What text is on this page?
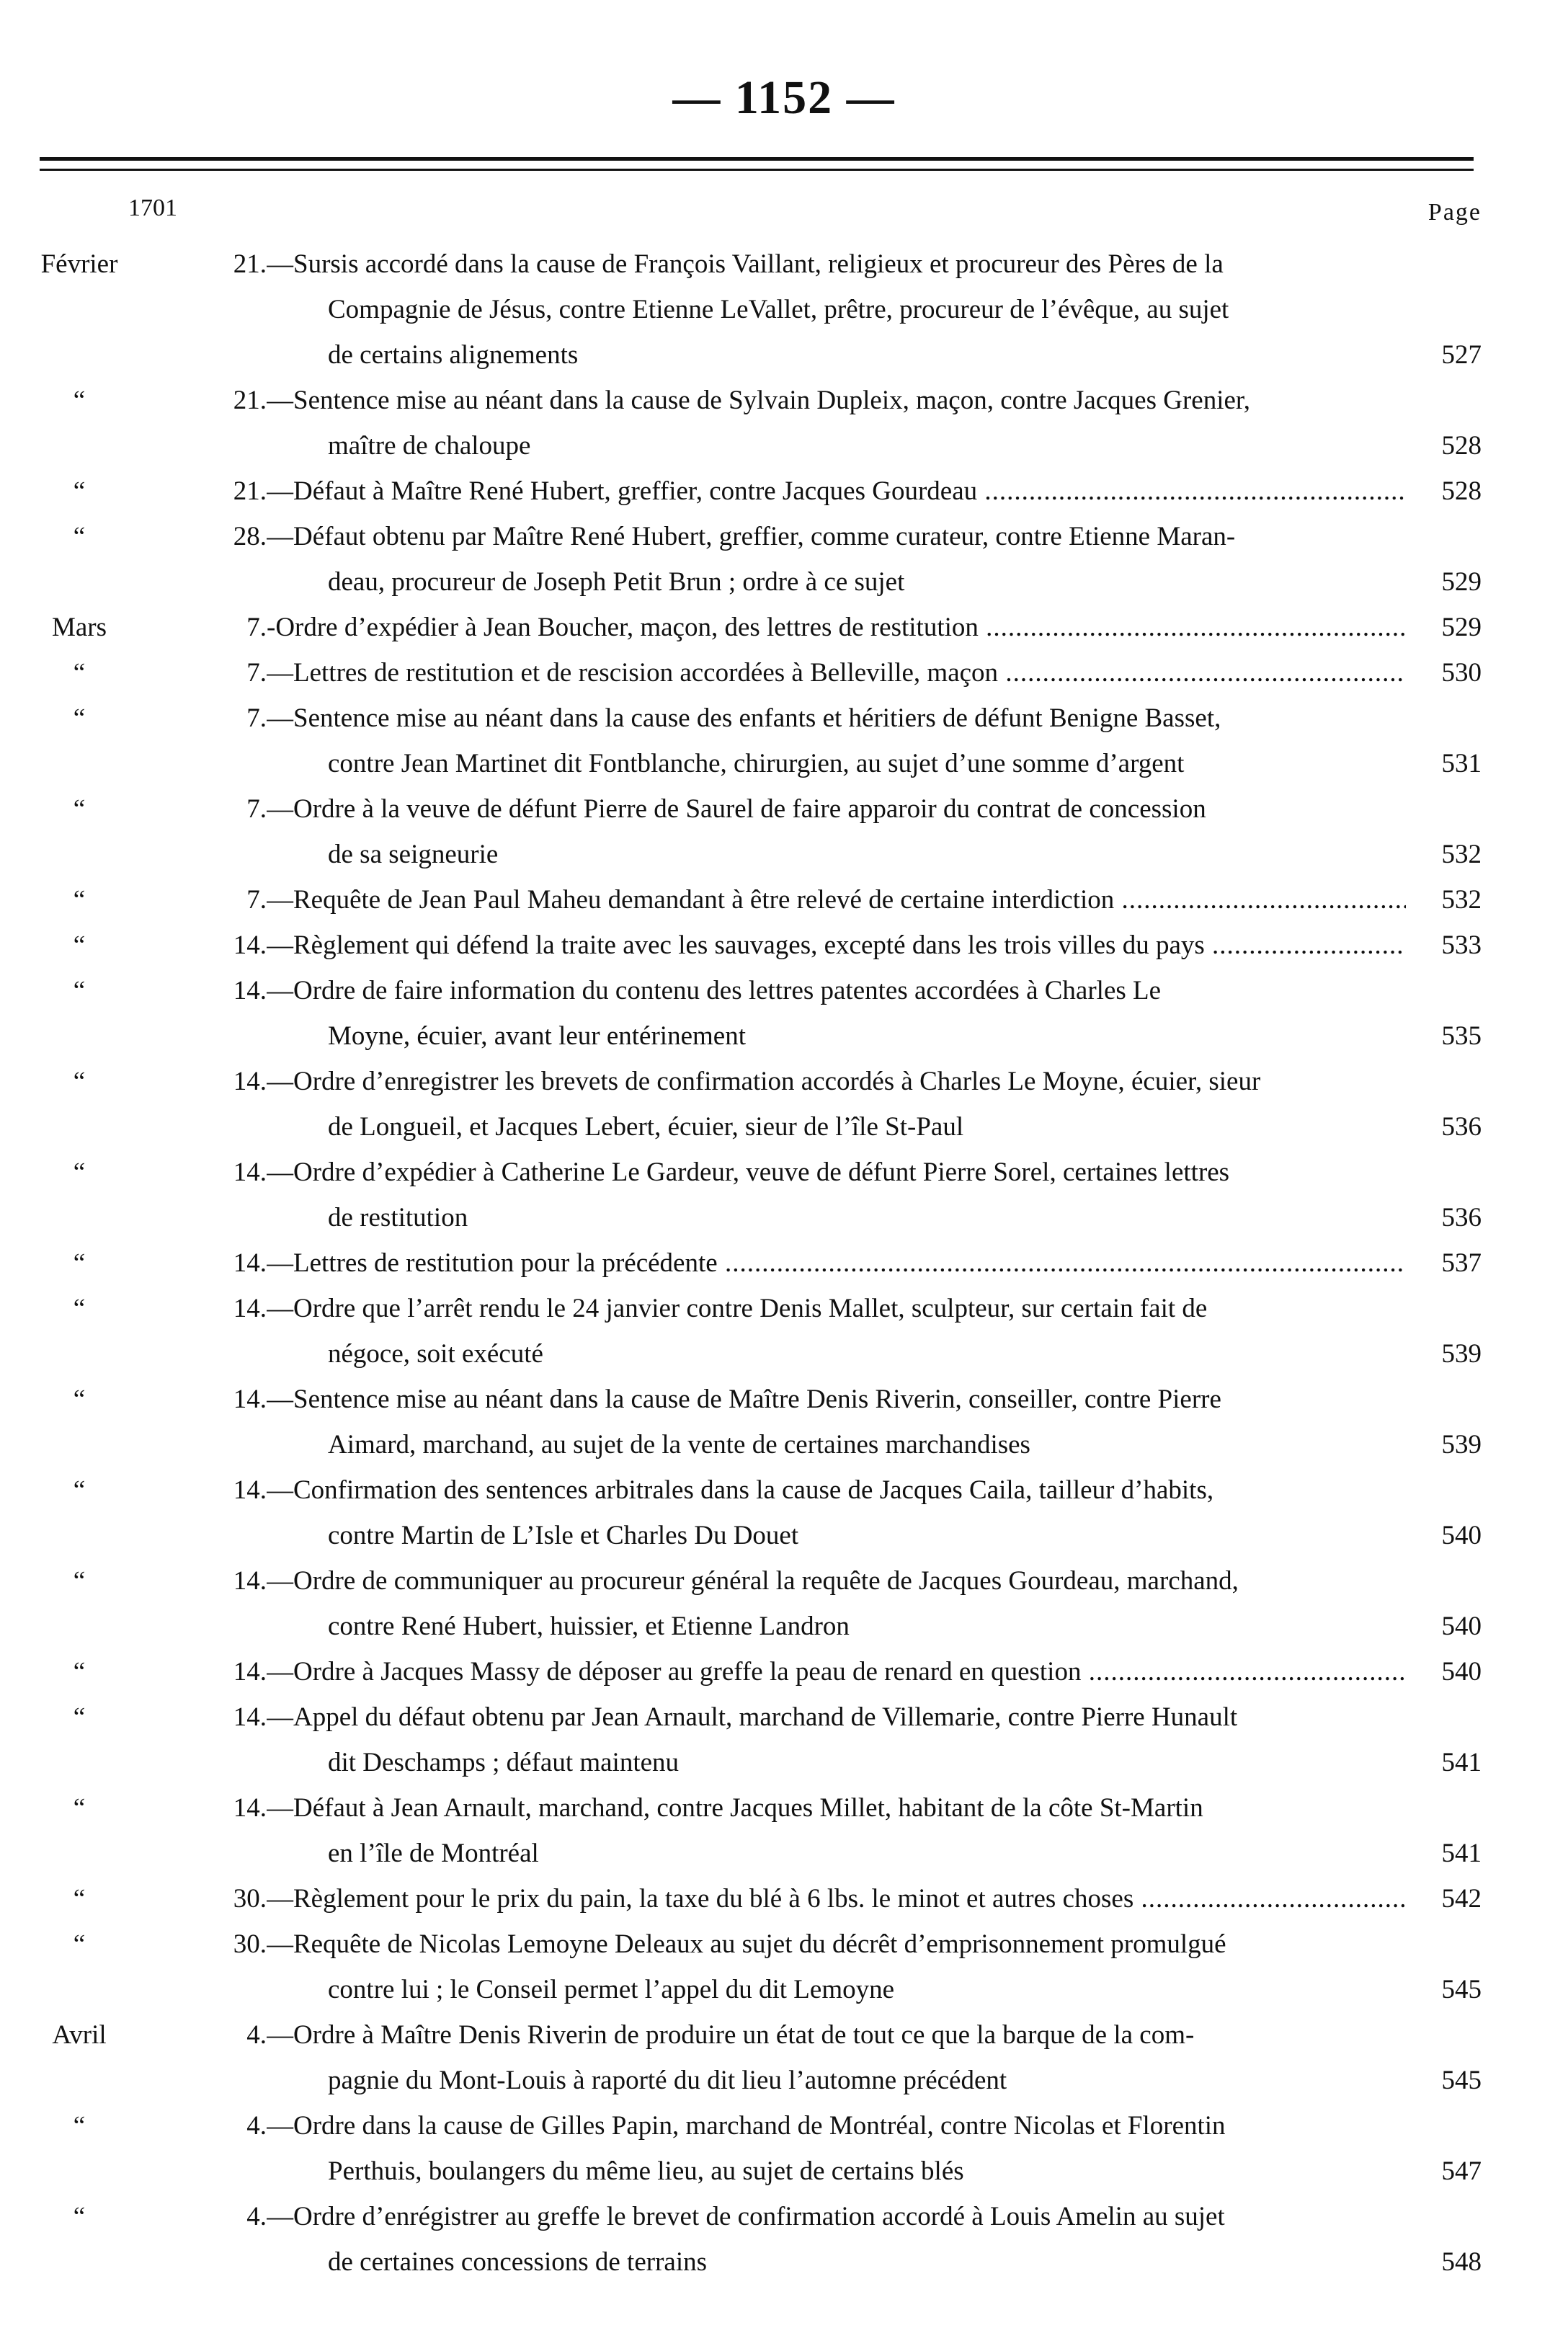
— 1152 —
1701	Page
Février	21. —Sursis accordé dans la cause de François Vaillant, religieux et procureur des Pères de la
Compagnie de Jésus, contre Etienne LeVallet, prêtre, procureur de l’évêque, au sujet
de certains alignements	527
“	21. —Sentence mise au néant dans la cause de Sylvain Dupleix, maçon, contre Jacques Grenier,
maître de chaloupe	528
“	21. —Défaut à Maître René Hubert, greffier, contre Jacques Gourdeau .....	528
“	28. —Défaut obtenu par Maître René Hubert, greffier, comme curateur, contre Etienne Maran-
deau, procureur de Joseph Petit Brun ; ordre à ce sujet	529
Mars	7. -Ordre d’expédier à Jean Boucher, maçon, des lettres de restitution .....	529
“	7. —Lettres de restitution et de rescision accordées à Belleville, maçon .....	530
“	7. —Sentence mise au néant dans la cause des enfants et héritiers de défunt Benigne Basset,
contre Jean Martinet dit Fontblanche, chirurgien, au sujet d’une somme d’argent	531
“	7. —Ordre à la veuve de défunt Pierre de Saurel de faire apparoir du contrat de concession
de sa seigneurie	532
“	7. —Requête de Jean Paul Maheu demandant à être relevé de certaine interdiction .....	532
“	14. —Règlement qui défend la traite avec les sauvages, excepté dans les trois villes du pays .....	533
“	14. —Ordre de faire information du contenu des lettres patentes accordées à Charles Le
Moyne, écuier, avant leur entérinement	535
“	14. —Ordre d’enregistrer les brevets de confirmation accordés à Charles Le Moyne, écuier, sieur
de Longueil, et Jacques Lebert, écuier, sieur de l’île St-Paul	536
“	14. —Ordre d’expédier à Catherine Le Gardeur, veuve de défunt Pierre Sorel, certaines lettres
de restitution	536
“	14. —Lettres de restitution pour la précédente .....	537
“	14. —Ordre que l’arrêt rendu le 24 janvier contre Denis Mallet, sculpteur, sur certain fait de
négoce, soit exécuté	539
“	14. —Sentence mise au néant dans la cause de Maître Denis Riverin, conseiller, contre Pierre
Aimard, marchand, au sujet de la vente de certaines marchandises	539
“	14. —Confirmation des sentences arbitrales dans la cause de Jacques Caila, tailleur d’habits,
contre Martin de L’Isle et Charles Du Douet	540
“	14. —Ordre de communiquer au procureur général la requête de Jacques Gourdeau, marchand,
contre René Hubert, huissier, et Etienne Landron	540
“	14. —Ordre à Jacques Massy de déposer au greffe la peau de renard en question .....	540
“	14. —Appel du défaut obtenu par Jean Arnault, marchand de Villemarie, contre Pierre Hunault
dit Deschamps ; défaut maintenu	541
“	14. —Défaut à Jean Arnault, marchand, contre Jacques Millet, habitant de la côte St-Martin
en l’île de Montréal	541
“	30. —Règlement pour le prix du pain, la taxe du blé à 6 lbs. le minot et autres choses .....	542
“	30. —Requête de Nicolas Lemoyne Deleaux au sujet du décrêt d’emprisonnement promulgué
contre lui ; le Conseil permet l’appel du dit Lemoyne	545
Avril	4. —Ordre à Maître Denis Riverin de produire un état de tout ce que la barque de la com-
pagnie du Mont-Louis à raporté du dit lieu l’automne précédent	545
“	4. —Ordre dans la cause de Gilles Papin, marchand de Montréal, contre Nicolas et Florentin
Perthuis, boulangers du même lieu, au sujet de certains blés	547
“	4. —Ordre d’enrégistrer au greffe le brevet de confirmation accordé à Louis Amelin au sujet
de certaines concessions de terrains	548
